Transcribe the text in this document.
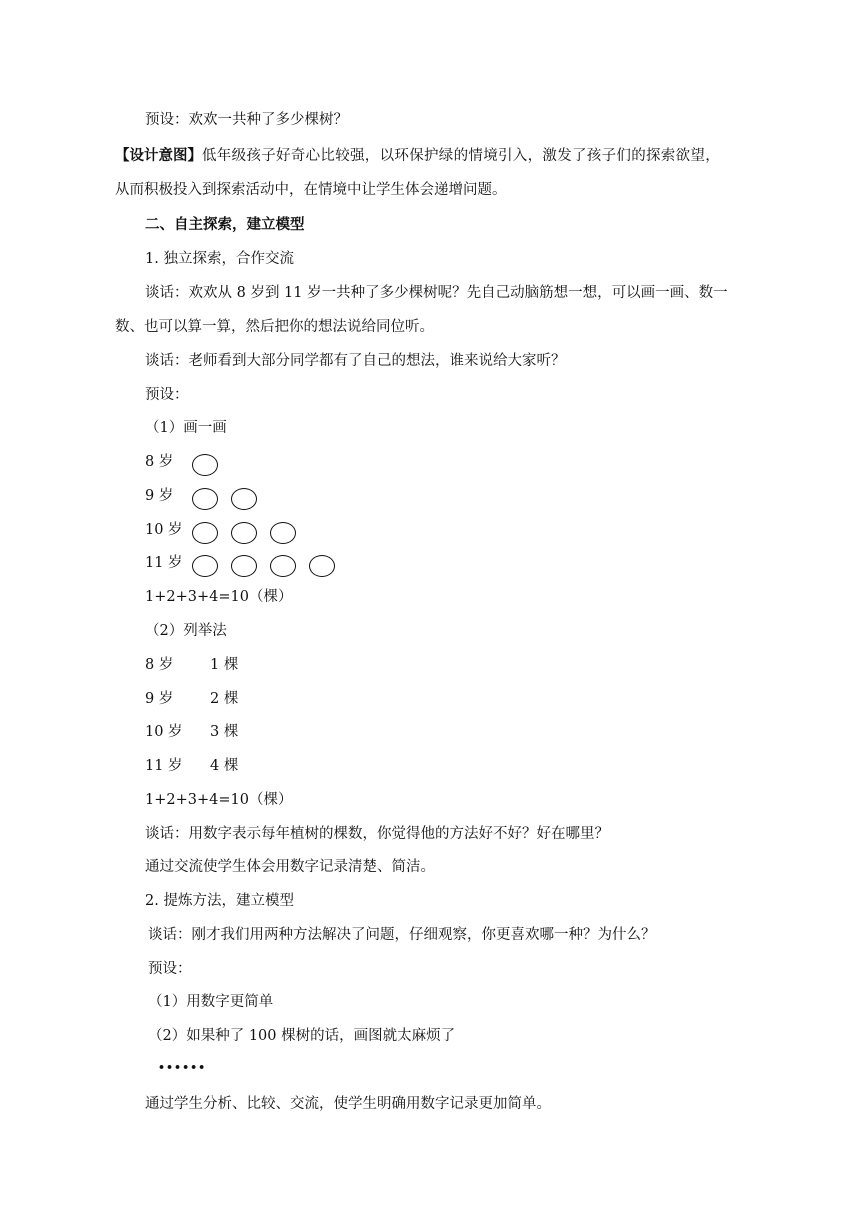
预设：欢欢一共种了多少棵树？
【设计意图】低年级孩子好奇心比较强，以环保护绿的情境引入，激发了孩子们的探索欲望，
从而积极投入到探索活动中，在情境中让学生体会递增问题。
二、自主探索，建立模型
1. 独立探索，合作交流
谈话：欢欢从 8 岁到 11 岁一共种了多少棵树呢？先自己动脑筋想一想，可以画一画、数一
数、也可以算一算，然后把你的想法说给同位听。
谈话：老师看到大部分同学都有了自己的想法，谁来说给大家听？
预设：
（1）画一画
8 岁
9 岁
10 岁
11 岁
1+2+3+4=10（棵）
（2）列举法
8 岁	1 棵
9 岁	2 棵
10 岁 3 棵
11 岁 4 棵
1+2+3+4=10（棵）
谈话：用数字表示每年植树的棵数，你觉得他的方法好不好？好在哪里？
通过交流使学生体会用数字记录清楚、简洁。
2. 提炼方法，建立模型
谈话：刚才我们用两种方法解决了问题，仔细观察，你更喜欢哪一种？为什么？
预设：
（1）用数字更简单
（2）如果种了 100 棵树的话，画图就太麻烦了
••••••
通过学生分析、比较、交流，使学生明确用数字记录更加简单。
